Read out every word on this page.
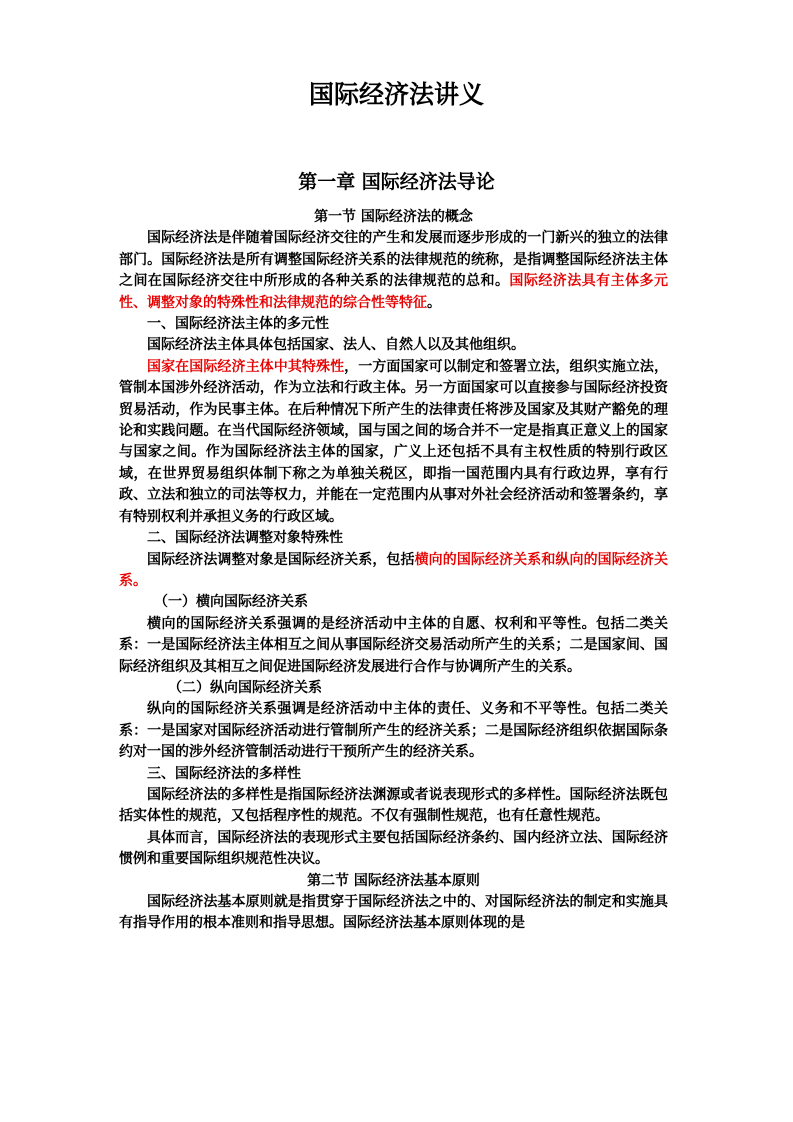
国际经济法讲义
第一章 国际经济法导论

第一节 国际经济法的概念

国际经济法是伴随着国际经济交往的产生和发展而逐步形成的一门新兴的独立的法律部门。国际经济法是所有调整国际经济关系的法律规范的统称，是指调整国际经济法主体之间在国际经济交往中所形成的各种关系的法律规范的总和。国际经济法具有主体多元性、调整对象的特殊性和法律规范的综合性等特征。

一、国际经济法主体的多元性

国际经济法主体具体包括国家、法人、自然人以及其他组织。

国家在国际经济主体中其特殊性，一方面国家可以制定和签署立法，组织实施立法，管制本国涉外经济活动，作为立法和行政主体。另一方面国家可以直接参与国际经济投资贸易活动，作为民事主体。在后种情况下所产生的法律责任将涉及国家及其财产豁免的理论和实践问题。在当代国际经济领域，国与国之间的场合并不一定是指真正意义上的国家与国家之间。作为国际经济法主体的国家，广义上还包括不具有主权性质的特别行政区域，在世界贸易组织体制下称之为单独关税区，即指一国范围内具有行政边界，享有行政、立法和独立的司法等权力，并能在一定范围内从事对外社会经济活动和签署条约，享有特别权利并承担义务的行政区域。

二、国际经济法调整对象特殊性

国际经济法调整对象是国际经济关系，包括横向的国际经济关系和纵向的国际经济关系。

（一）横向国际经济关系

横向的国际经济关系强调的是经济活动中主体的自愿、权利和平等性。包括二类关系：一是国际经济法主体相互之间从事国际经济交易活动所产生的关系；二是国家间、国际经济组织及其相互之间促进国际经济发展进行合作与协调所产生的关系。

（二）纵向国际经济关系

纵向的国际经济关系强调是经济活动中主体的责任、义务和不平等性。包括二类关系：一是国家对国际经济活动进行管制所产生的经济关系；二是国际经济组织依据国际条约对一国的涉外经济管制活动进行干预所产生的经济关系。

三、国际经济法的多样性

国际经济法的多样性是指国际经济法渊源或者说表现形式的多样性。国际经济法既包括实体性的规范，又包括程序性的规范。不仅有强制性规范，也有任意性规范。

具体而言，国际经济法的表现形式主要包括国际经济条约、国内经济立法、国际经济惯例和重要国际组织规范性决议。

第二节 国际经济法基本原则

国际经济法基本原则就是指贯穿于国际经济法之中的、对国际经济法的制定和实施具有指导作用的根本准则和指导思想。国际经济法基本原则体现的是
